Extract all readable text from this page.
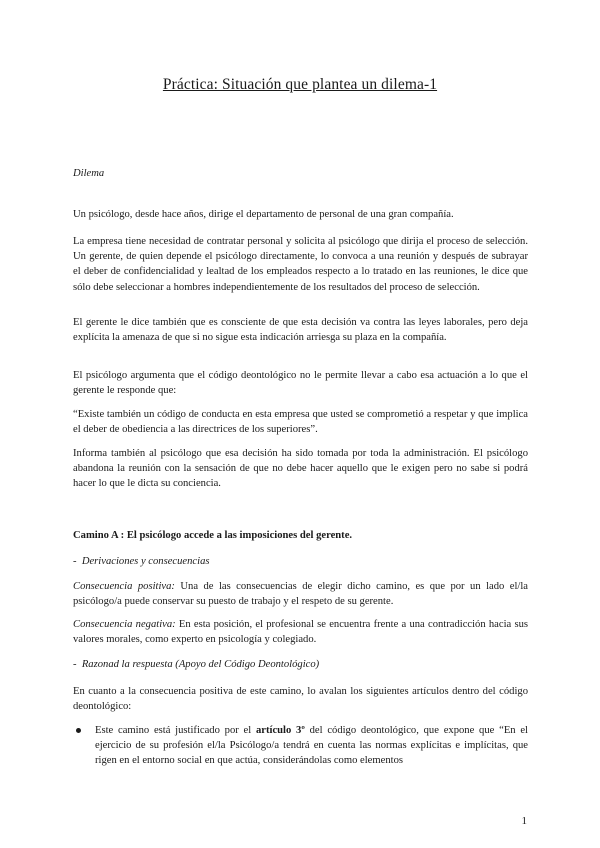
Práctica: Situación que plantea un dilema-1

Dilema

Un psicólogo, desde hace años, dirige el departamento de personal de una gran compañía.

La empresa tiene necesidad de contratar personal y solicita al psicólogo que dirija el proceso de selección. Un gerente, de quien depende el psicólogo directamente, lo convoca a una reunión y después de subrayar el deber de confidencialidad y lealtad de los empleados respecto a lo tratado en las reuniones, le dice que sólo debe seleccionar a hombres independientemente de los resultados del proceso de selección.

El gerente le dice también que es consciente de que esta decisión va contra las leyes laborales, pero deja explícita la amenaza de que si no sigue esta indicación arriesga su plaza en la compañía.

El psicólogo argumenta que el código deontológico no le permite llevar a cabo esa actuación a lo que el gerente le responde que:

“Existe también un código de conducta en esta empresa que usted se comprometió a respetar y que implica el deber de obediencia a las directrices de los superiores”.

Informa también al psicólogo que esa decisión ha sido tomada por toda la administración. El psicólogo abandona la reunión con la sensación de que no debe hacer aquello que le exigen pero no sabe si podrá hacer lo que le dicta su conciencia.

Camino A : El psicólogo accede a las imposiciones del gerente.

- Derivaciones y consecuencias

Consecuencia positiva: Una de las consecuencias de elegir dicho camino, es que por un lado el/la psicólogo/a puede conservar su puesto de trabajo y el respeto de su gerente.

Consecuencia negativa: En esta posición, el profesional se encuentra frente a una contradicción hacia sus valores morales, como experto en psicología y colegiado.

- Razonad la respuesta (Apoyo del Código Deontológico)

En cuanto a la consecuencia positiva de este camino, lo avalan los siguientes artículos dentro del código deontológico:

Este camino está justificado por el artículo 3º del código deontológico, que expone que “En el ejercicio de su profesión el/la Psicólogo/a tendrá en cuenta las normas explícitas e implícitas, que rigen en el entorno social en que actúa, considerándolas como elementos
1
